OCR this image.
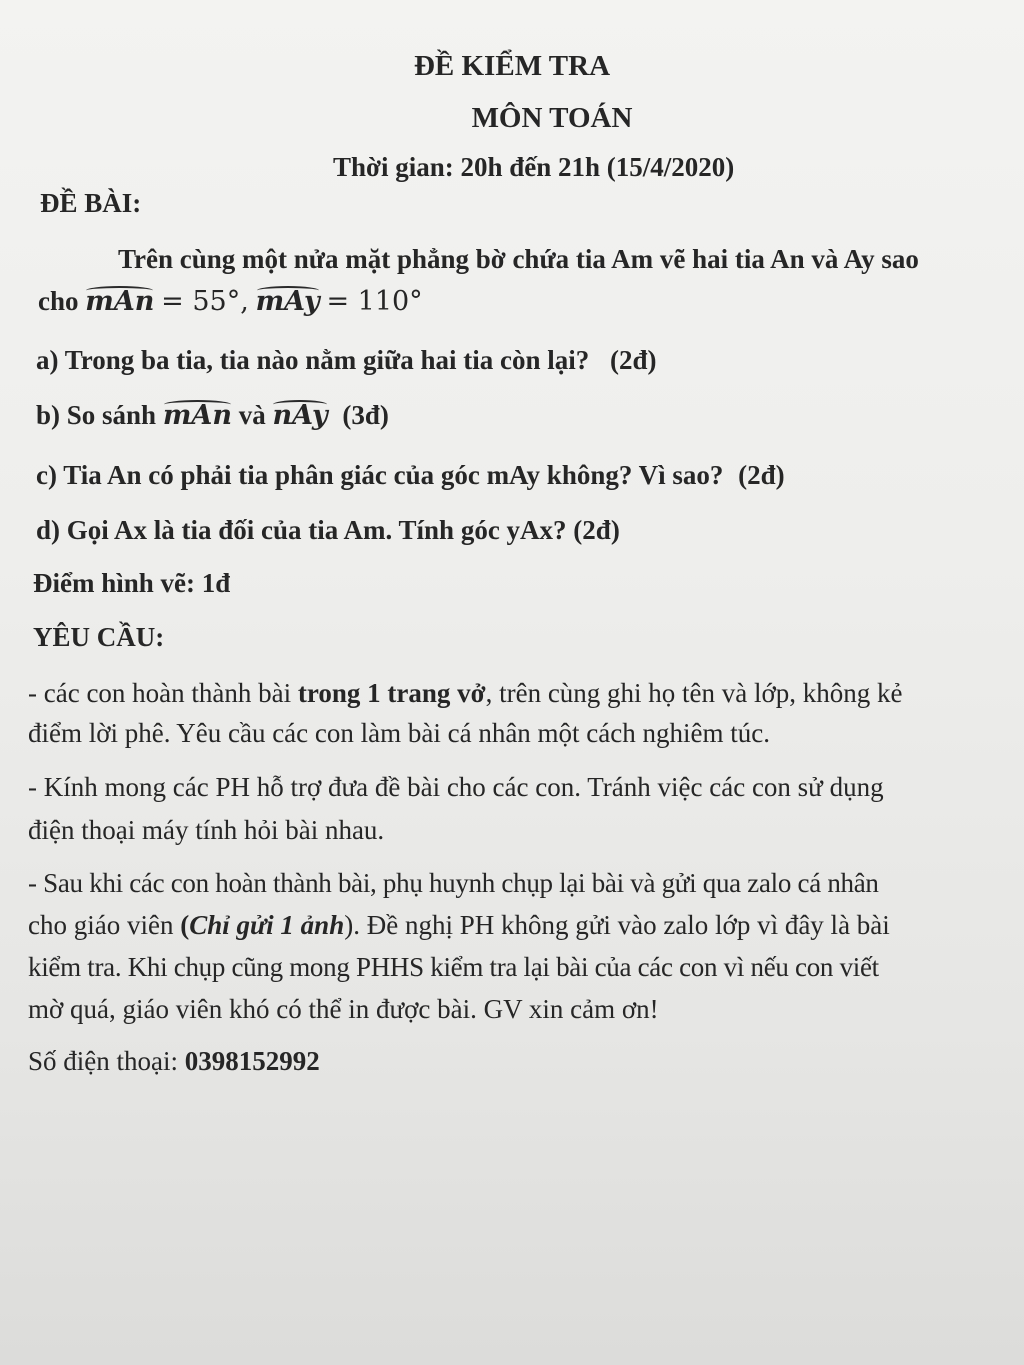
ĐỀ KIỂM TRA
MÔN TOÁN
Thời gian: 20h đến 21h (15/4/2020)
ĐỀ BÀI:
Trên cùng một nửa mặt phẳng bờ chứa tia Am vẽ hai tia An và Ay sao
cho mAn = 55°, mAy = 110°
a) Trong ba tia, tia nào nằm giữa hai tia còn lại? (2đ)
b) So sánh mAn và nAy (3đ)
c) Tia An có phải tia phân giác của góc mAy không? Vì sao? (2đ)
d) Gọi Ax là tia đối của tia Am. Tính góc yAx? (2đ)
Điểm hình vẽ: 1đ
YÊU CẦU:
- các con hoàn thành bài trong 1 trang vở, trên cùng ghi họ tên và lớp, không kẻ
điểm lời phê. Yêu cầu các con làm bài cá nhân một cách nghiêm túc.
- Kính mong các PH hỗ trợ đưa đề bài cho các con. Tránh việc các con sử dụng
điện thoại máy tính hỏi bài nhau.
- Sau khi các con hoàn thành bài, phụ huynh chụp lại bài và gửi qua zalo cá nhân
cho giáo viên (Chỉ gửi 1 ảnh). Đề nghị PH không gửi vào zalo lớp vì đây là bài
kiểm tra. Khi chụp cũng mong PHHS kiểm tra lại bài của các con vì nếu con viết
mờ quá, giáo viên khó có thể in được bài. GV xin cảm ơn!
Số điện thoại: 0398152992
